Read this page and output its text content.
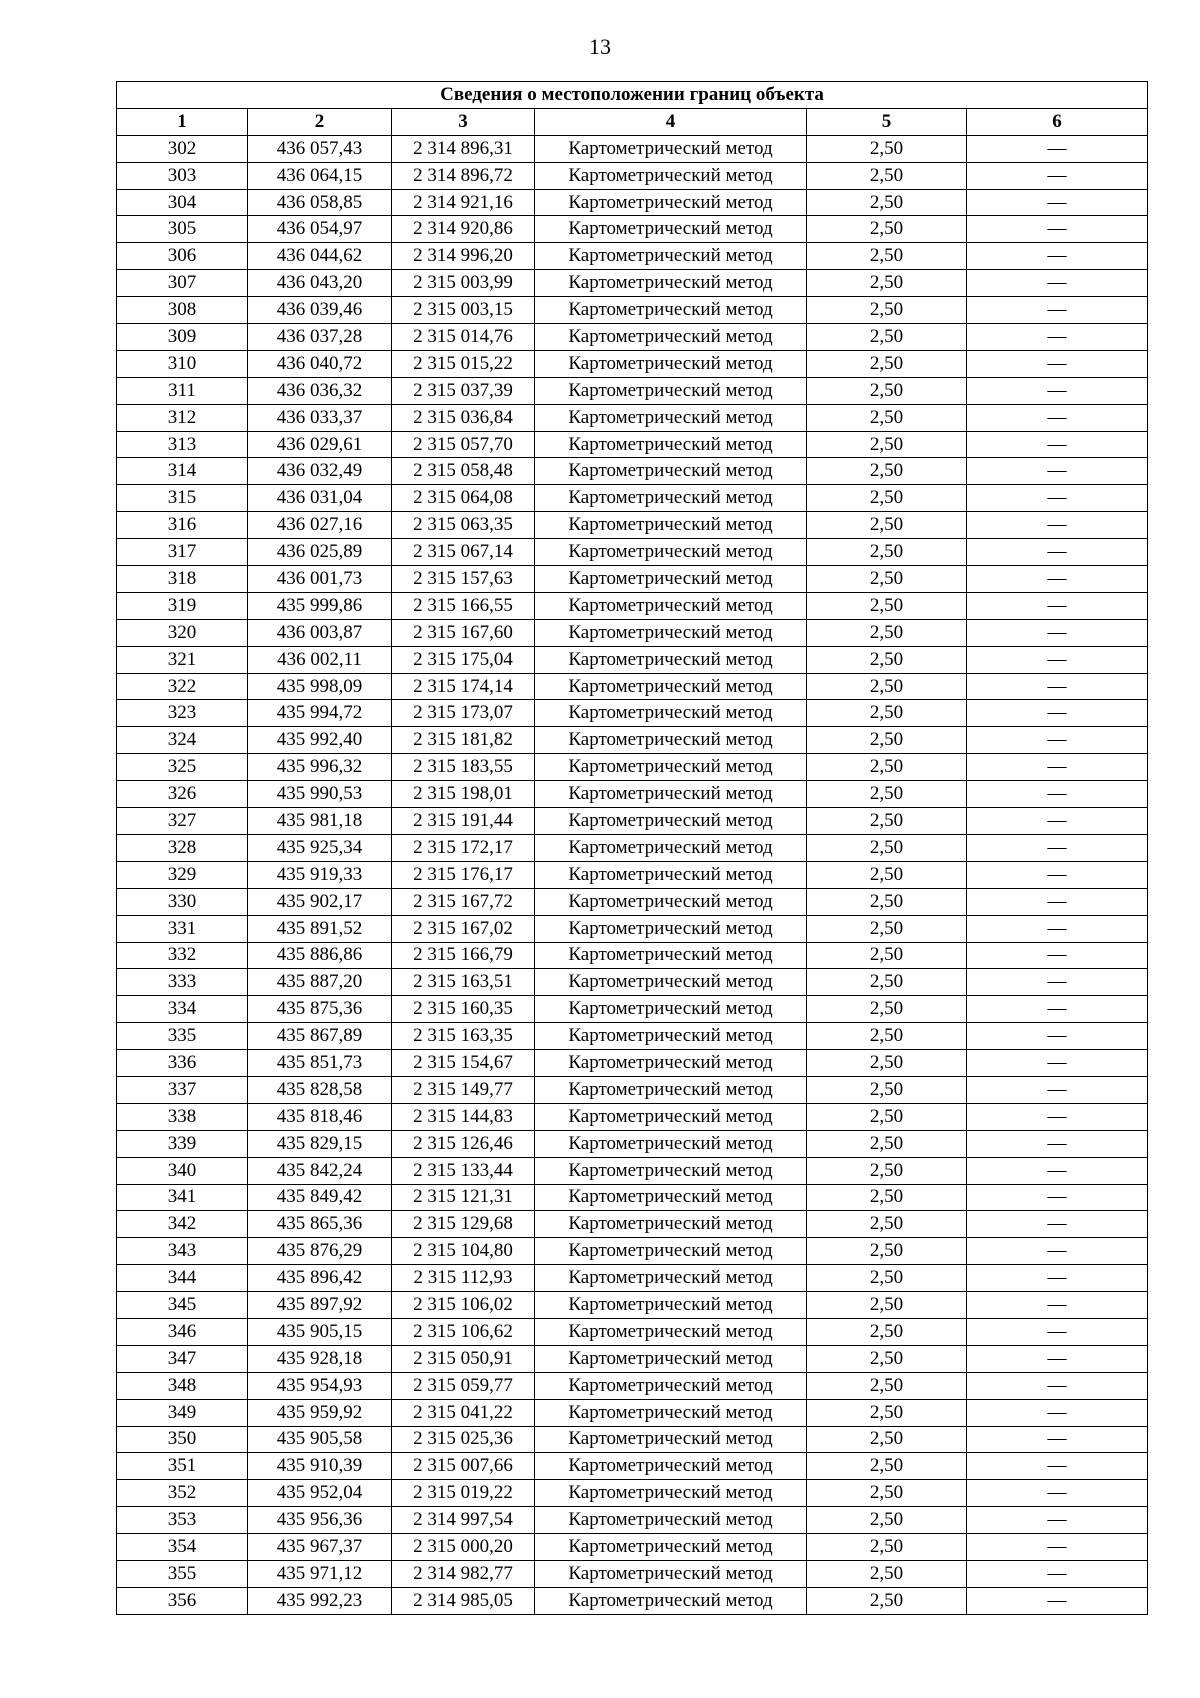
13
Сведения о местоположении границ объекта					
1	2	3	4	5	6
302	436 057,43	2 314 896,31	Картометрический метод	2,50	—
303	436 064,15	2 314 896,72	Картометрический метод	2,50	—
304	436 058,85	2 314 921,16	Картометрический метод	2,50	—
305	436 054,97	2 314 920,86	Картометрический метод	2,50	—
306	436 044,62	2 314 996,20	Картометрический метод	2,50	—
307	436 043,20	2 315 003,99	Картометрический метод	2,50	—
308	436 039,46	2 315 003,15	Картометрический метод	2,50	—
309	436 037,28	2 315 014,76	Картометрический метод	2,50	—
310	436 040,72	2 315 015,22	Картометрический метод	2,50	—
311	436 036,32	2 315 037,39	Картометрический метод	2,50	—
312	436 033,37	2 315 036,84	Картометрический метод	2,50	—
313	436 029,61	2 315 057,70	Картометрический метод	2,50	—
314	436 032,49	2 315 058,48	Картометрический метод	2,50	—
315	436 031,04	2 315 064,08	Картометрический метод	2,50	—
316	436 027,16	2 315 063,35	Картометрический метод	2,50	—
317	436 025,89	2 315 067,14	Картометрический метод	2,50	—
318	436 001,73	2 315 157,63	Картометрический метод	2,50	—
319	435 999,86	2 315 166,55	Картометрический метод	2,50	—
320	436 003,87	2 315 167,60	Картометрический метод	2,50	—
321	436 002,11	2 315 175,04	Картометрический метод	2,50	—
322	435 998,09	2 315 174,14	Картометрический метод	2,50	—
323	435 994,72	2 315 173,07	Картометрический метод	2,50	—
324	435 992,40	2 315 181,82	Картометрический метод	2,50	—
325	435 996,32	2 315 183,55	Картометрический метод	2,50	—
326	435 990,53	2 315 198,01	Картометрический метод	2,50	—
327	435 981,18	2 315 191,44	Картометрический метод	2,50	—
328	435 925,34	2 315 172,17	Картометрический метод	2,50	—
329	435 919,33	2 315 176,17	Картометрический метод	2,50	—
330	435 902,17	2 315 167,72	Картометрический метод	2,50	—
331	435 891,52	2 315 167,02	Картометрический метод	2,50	—
332	435 886,86	2 315 166,79	Картометрический метод	2,50	—
333	435 887,20	2 315 163,51	Картометрический метод	2,50	—
334	435 875,36	2 315 160,35	Картометрический метод	2,50	—
335	435 867,89	2 315 163,35	Картометрический метод	2,50	—
336	435 851,73	2 315 154,67	Картометрический метод	2,50	—
337	435 828,58	2 315 149,77	Картометрический метод	2,50	—
338	435 818,46	2 315 144,83	Картометрический метод	2,50	—
339	435 829,15	2 315 126,46	Картометрический метод	2,50	—
340	435 842,24	2 315 133,44	Картометрический метод	2,50	—
341	435 849,42	2 315 121,31	Картометрический метод	2,50	—
342	435 865,36	2 315 129,68	Картометрический метод	2,50	—
343	435 876,29	2 315 104,80	Картометрический метод	2,50	—
344	435 896,42	2 315 112,93	Картометрический метод	2,50	—
345	435 897,92	2 315 106,02	Картометрический метод	2,50	—
346	435 905,15	2 315 106,62	Картометрический метод	2,50	—
347	435 928,18	2 315 050,91	Картометрический метод	2,50	—
348	435 954,93	2 315 059,77	Картометрический метод	2,50	—
349	435 959,92	2 315 041,22	Картометрический метод	2,50	—
350	435 905,58	2 315 025,36	Картометрический метод	2,50	—
351	435 910,39	2 315 007,66	Картометрический метод	2,50	—
352	435 952,04	2 315 019,22	Картометрический метод	2,50	—
353	435 956,36	2 314 997,54	Картометрический метод	2,50	—
354	435 967,37	2 315 000,20	Картометрический метод	2,50	—
355	435 971,12	2 314 982,77	Картометрический метод	2,50	—
356	435 992,23	2 314 985,05	Картометрический метод	2,50	—
